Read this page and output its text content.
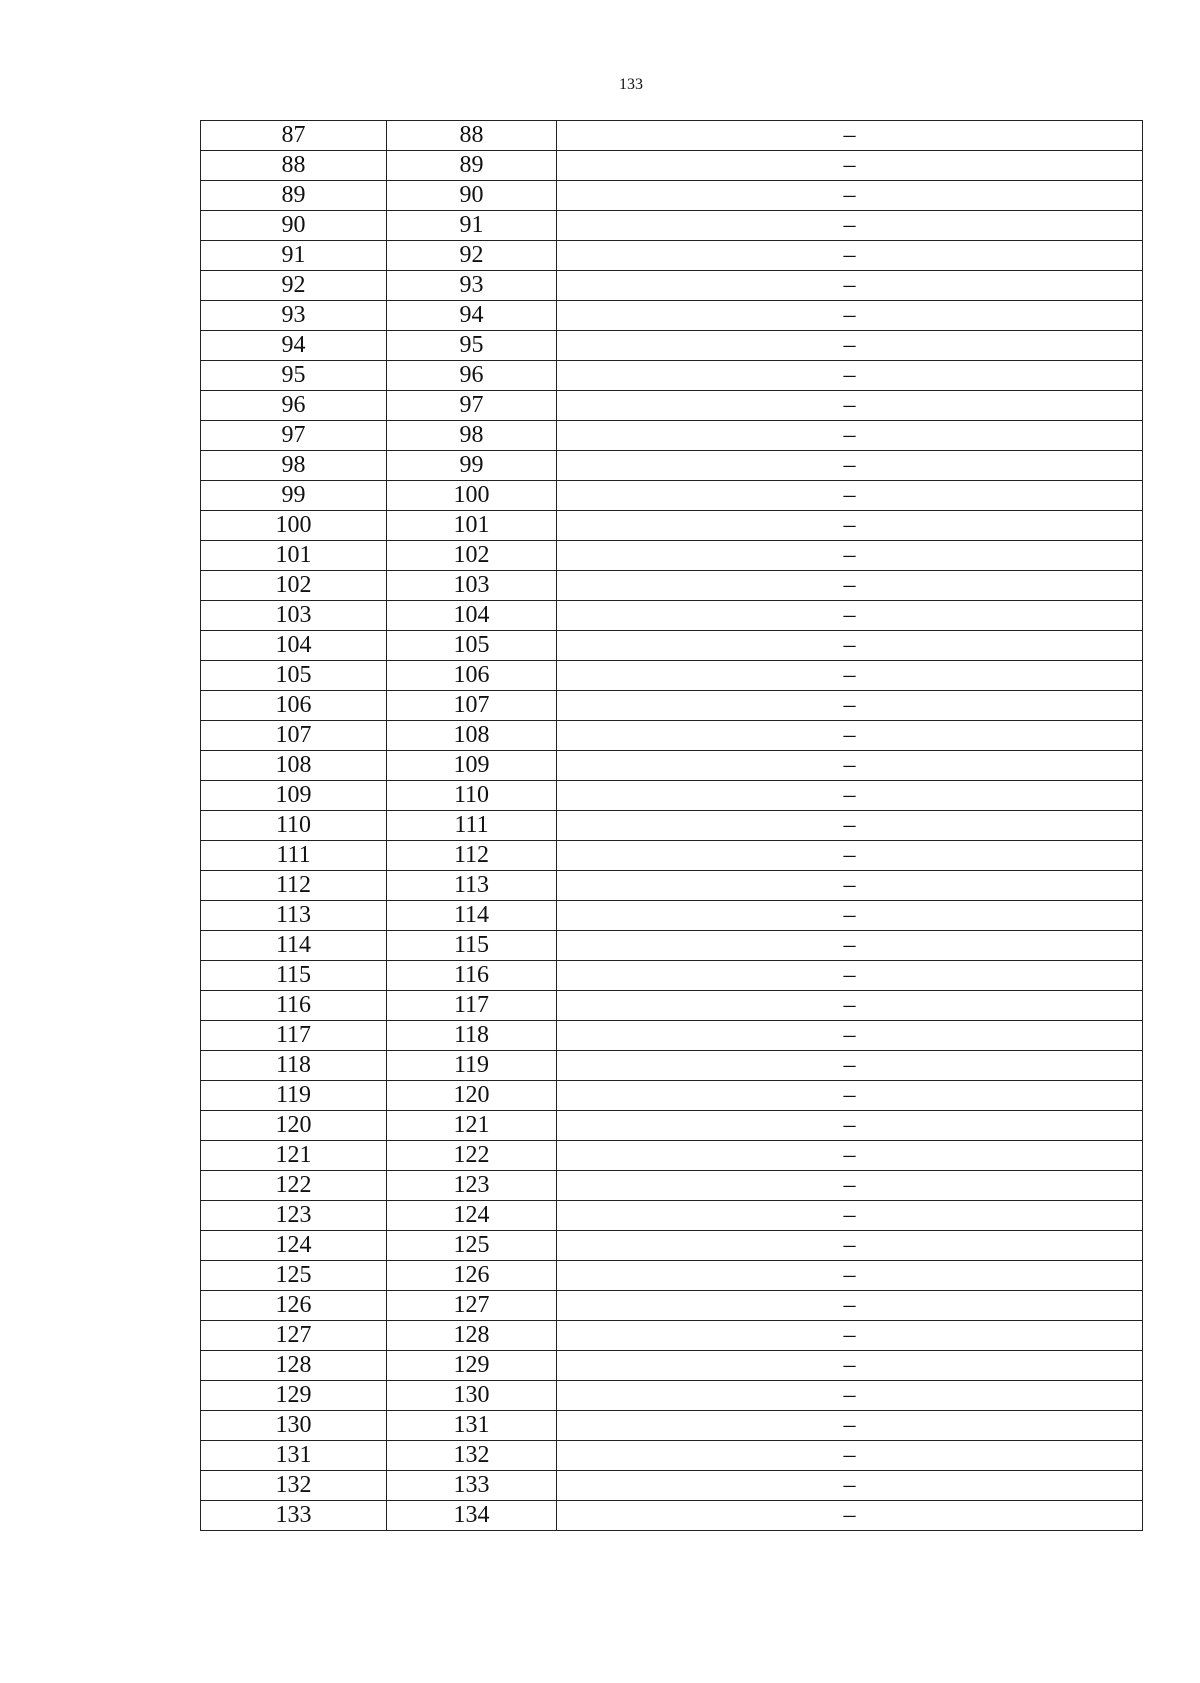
133
87	88	–
88	89	–
89	90	–
90	91	–
91	92	–
92	93	–
93	94	–
94	95	–
95	96	–
96	97	–
97	98	–
98	99	–
99	100	–
100	101	–
101	102	–
102	103	–
103	104	–
104	105	–
105	106	–
106	107	–
107	108	–
108	109	–
109	110	–
110	111	–
111	112	–
112	113	–
113	114	–
114	115	–
115	116	–
116	117	–
117	118	–
118	119	–
119	120	–
120	121	–
121	122	–
122	123	–
123	124	–
124	125	–
125	126	–
126	127	–
127	128	–
128	129	–
129	130	–
130	131	–
131	132	–
132	133	–
133	134	–
